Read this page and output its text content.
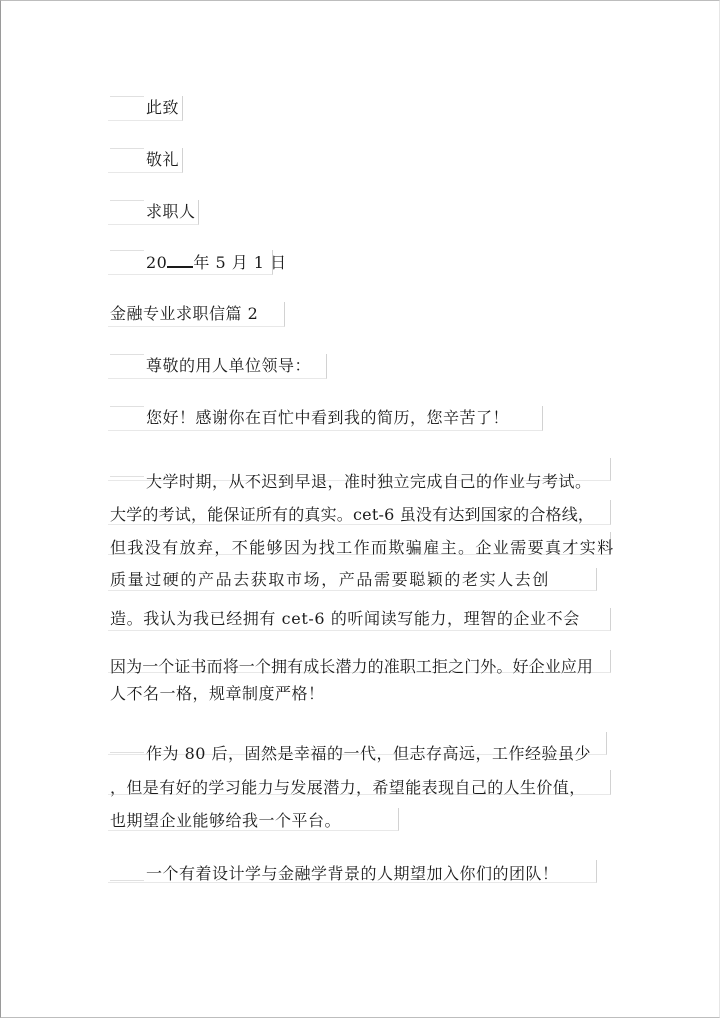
此致
敬礼
求职人
20 年 5 月 1 日
金融专业求职信篇 2
尊敬的用人单位领导：
您好！感谢你在百忙中看到我的简历，您辛苦了！
大学时期，从不迟到早退，准时独立完成自己的作业与考试。
大学的考试，能保证所有的真实。cet-6 虽没有达到国家的合格线，
但我没有放弃，不能够因为找工作而欺骗雇主。企业需要真才实料
质量过硬的产品去获取市场，产品需要聪颖的老实人去创
造。我认为我已经拥有 cet-6 的听闻读写能力，理智的企业不会
因为一个证书而将一个拥有成长潜力的准职工拒之门外。好企业应用
人不名一格，规章制度严格！
作为 80 后，固然是幸福的一代，但志存高远，工作经验虽少
，但是有好的学习能力与发展潜力，希望能表现自己的人生价值，
也期望企业能够给我一个平台。
一个有着设计学与金融学背景的人期望加入你们的团队！
